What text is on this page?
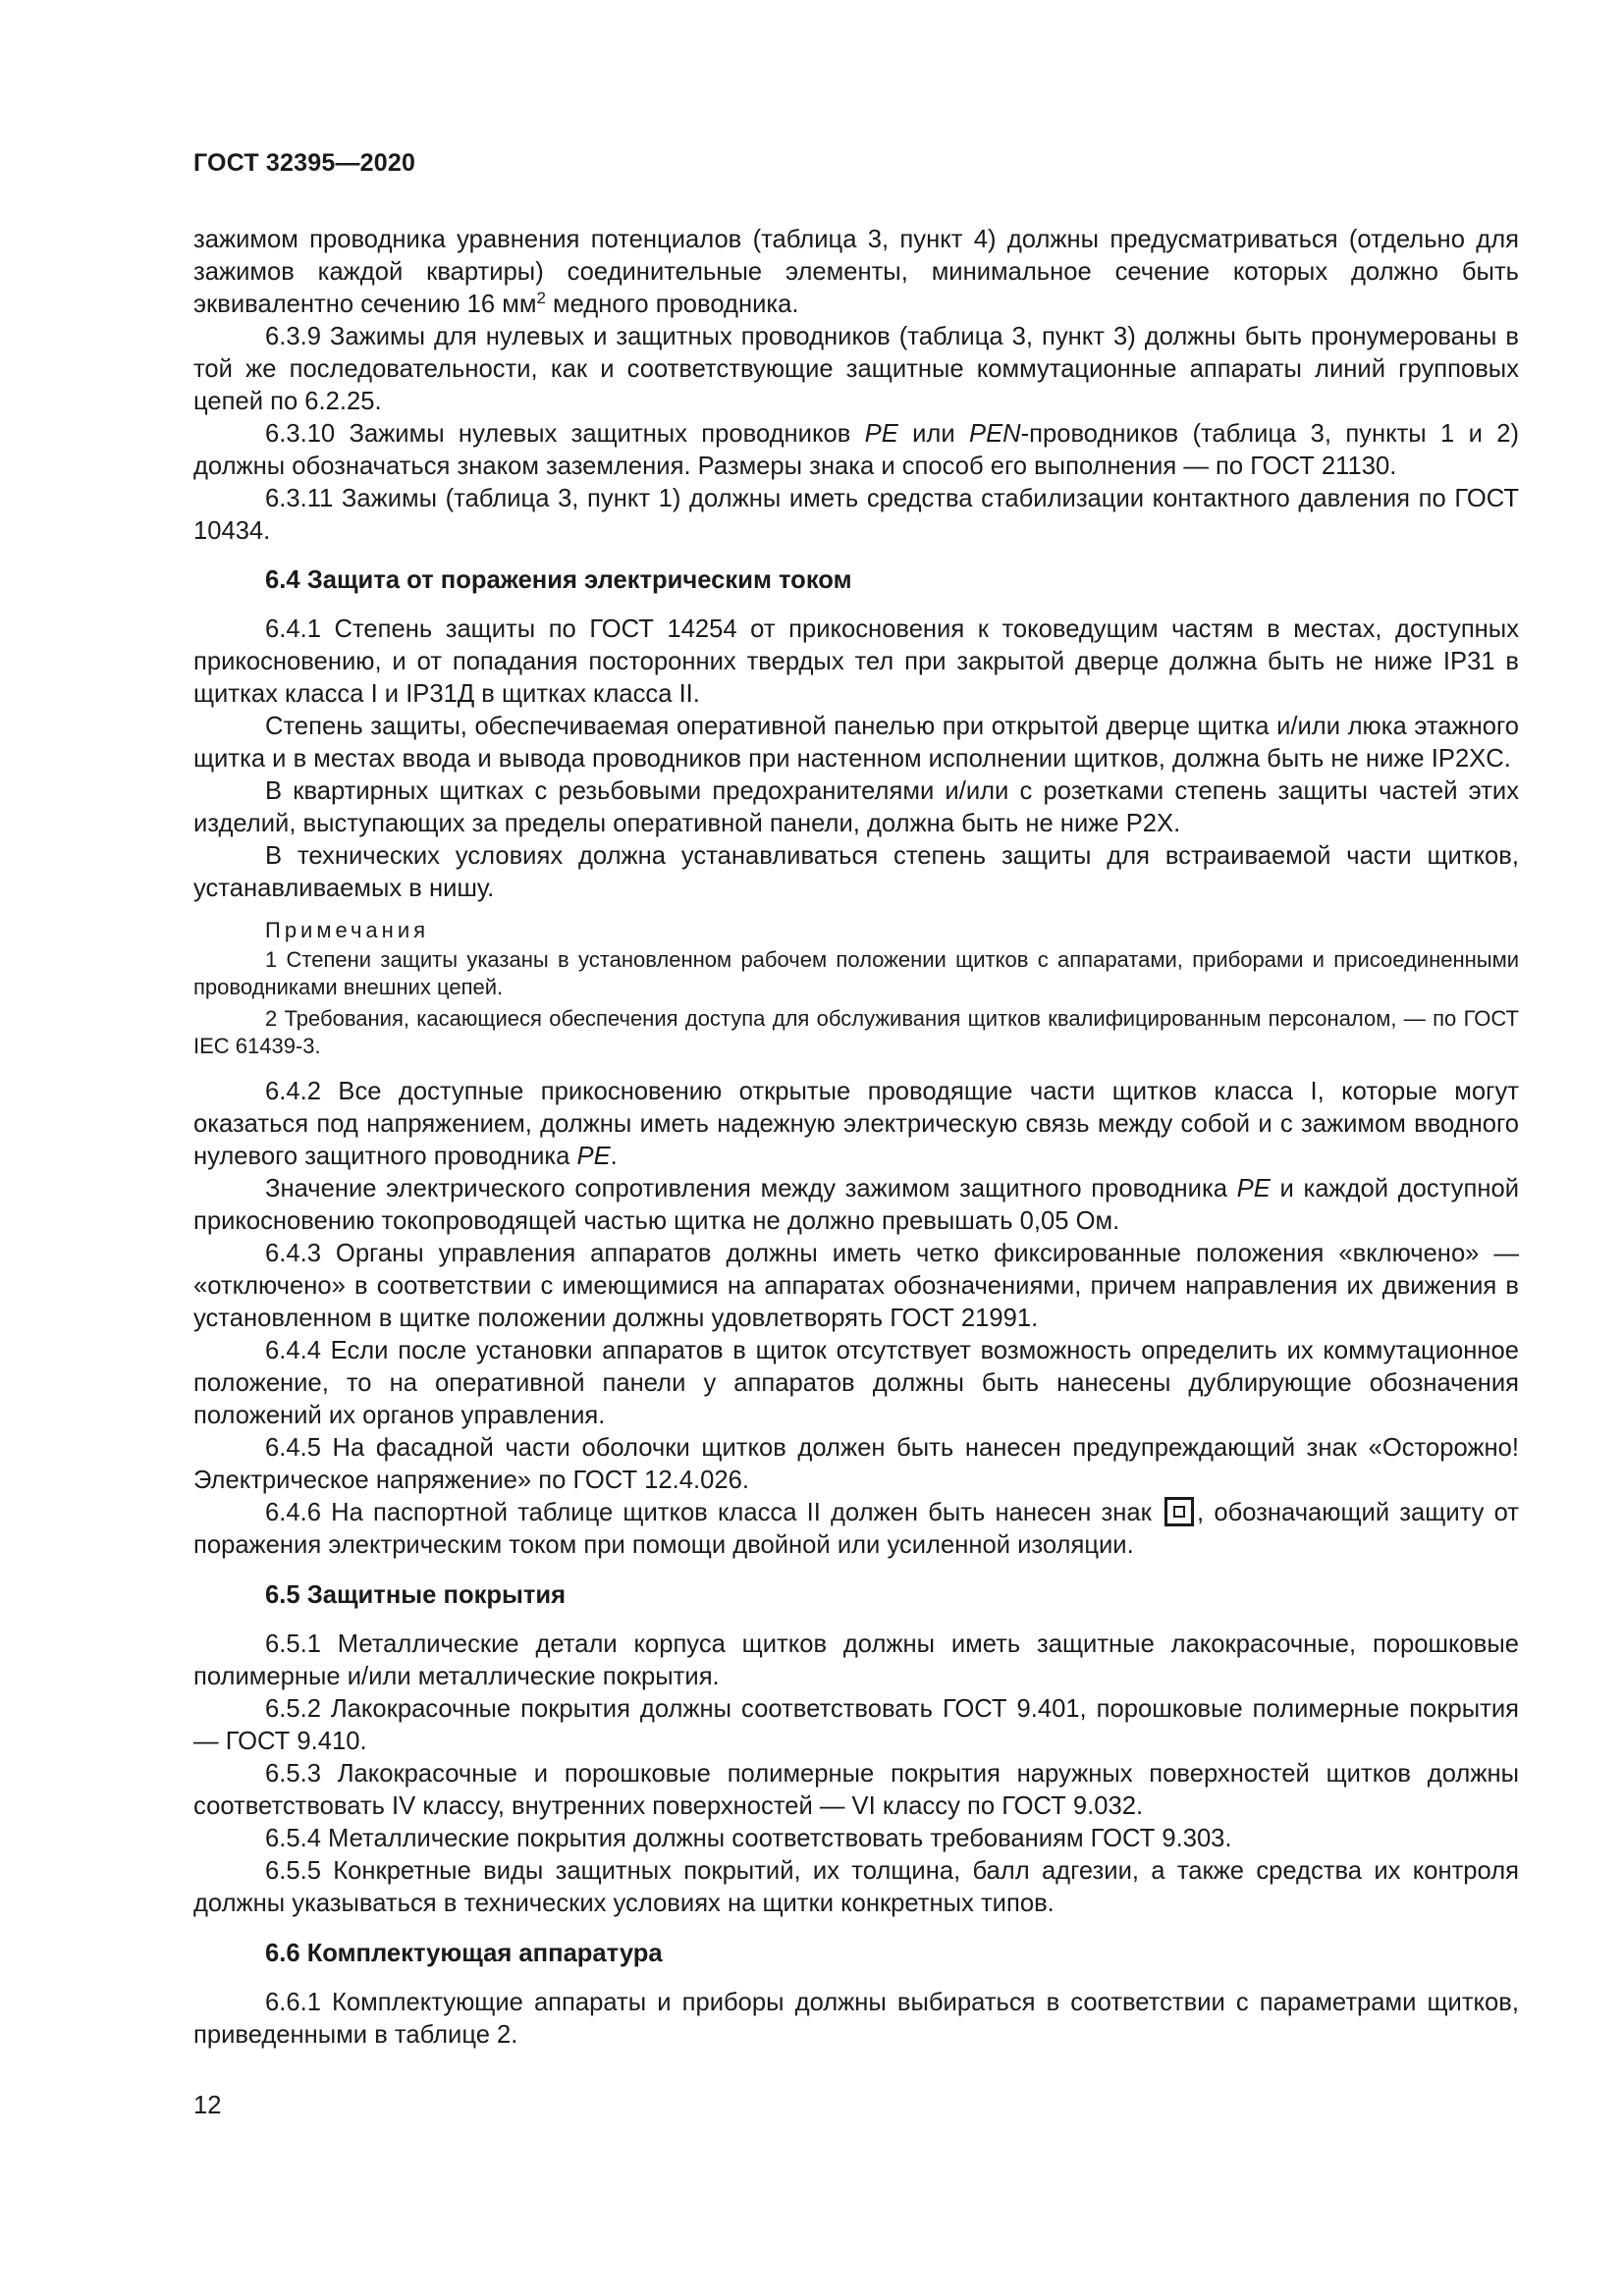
ГОСТ 32395—2020

зажимом проводника уравнения потенциалов (таблица 3, пункт 4) должны предусматриваться (отдельно для зажимов каждой квартиры) соединительные элементы, минимальное сечение которых должно быть эквивалентно сечению 16 $мм^2$ медного проводника.

6.3.9 Зажимы для нулевых и защитных проводников (таблица 3, пункт 3) должны быть пронумерованы в той же последовательности, как и соответствующие защитные коммутационные аппараты линий групповых цепей по 6.2.25.

6.3.10 Зажимы нулевых защитных проводников PE или PEN-проводников (таблица 3, пункты 1 и 2) должны обозначаться знаком заземления. Размеры знака и способ его выполнения — по ГОСТ 21130.

6.3.11 Зажимы (таблица 3, пункт 1) должны иметь средства стабилизации контактного давления по ГОСТ 10434.

6.4 Защита от поражения электрическим током

6.4.1 Степень защиты по ГОСТ 14254 от прикосновения к токоведущим частям в местах, доступных прикосновению, и от попадания посторонних твердых тел при закрытой дверце должна быть не ниже IP31 в щитках класса I и IP31Д в щитках класса II.

Степень защиты, обеспечиваемая оперативной панелью при открытой дверце щитка и/или люка этажного щитка и в местах ввода и вывода проводников при настенном исполнении щитков, должна быть не ниже IP2XC.

В квартирных щитках с резьбовыми предохранителями и/или с розетками степень защиты частей этих изделий, выступающих за пределы оперативной панели, должна быть не ниже P2X.

В технических условиях должна устанавливаться степень защиты для встраиваемой части щитков, устанавливаемых в нишу.

Примечания

1 Степени защиты указаны в установленном рабочем положении щитков с аппаратами, приборами и присоединенными проводниками внешних цепей.

2 Требования, касающиеся обеспечения доступа для обслуживания щитков квалифицированным персоналом, — по ГОСТ IEC 61439-3.

6.4.2 Все доступные прикосновению открытые проводящие части щитков класса I, которые могут оказаться под напряжением, должны иметь надежную электрическую связь между собой и с зажимом вводного нулевого защитного проводника PE.

Значение электрического сопротивления между зажимом защитного проводника PE и каждой доступной прикосновению токопроводящей частью щитка не должно превышать 0,05 Ом.

6.4.3 Органы управления аппаратов должны иметь четко фиксированные положения «включено» — «отключено» в соответствии с имеющимися на аппаратах обозначениями, причем направления их движения в установленном в щитке положении должны удовлетворять ГОСТ 21991.

6.4.4 Если после установки аппаратов в щиток отсутствует возможность определить их коммутационное положение, то на оперативной панели у аппаратов должны быть нанесены дублирующие обозначения положений их органов управления.

6.4.5 На фасадной части оболочки щитков должен быть нанесен предупреждающий знак «Осторожно! Электрическое напряжение» по ГОСТ 12.4.026.

6.4.6 На паспортной таблице щитков класса II должен быть нанесен знак , обозначающий защиту от поражения электрическим током при помощи двойной или усиленной изоляции.

6.5 Защитные покрытия

6.5.1 Металлические детали корпуса щитков должны иметь защитные лакокрасочные, порошковые полимерные и/или металлические покрытия.

6.5.2 Лакокрасочные покрытия должны соответствовать ГОСТ 9.401, порошковые полимерные покрытия — ГОСТ 9.410.

6.5.3 Лакокрасочные и порошковые полимерные покрытия наружных поверхностей щитков должны соответствовать IV классу, внутренних поверхностей — VI классу по ГОСТ 9.032.

6.5.4 Металлические покрытия должны соответствовать требованиям ГОСТ 9.303.

6.5.5 Конкретные виды защитных покрытий, их толщина, балл адгезии, а также средства их контроля должны указываться в технических условиях на щитки конкретных типов.

6.6 Комплектующая аппаратура

6.6.1 Комплектующие аппараты и приборы должны выбираться в соответствии с параметрами щитков, приведенными в таблице 2.

12
